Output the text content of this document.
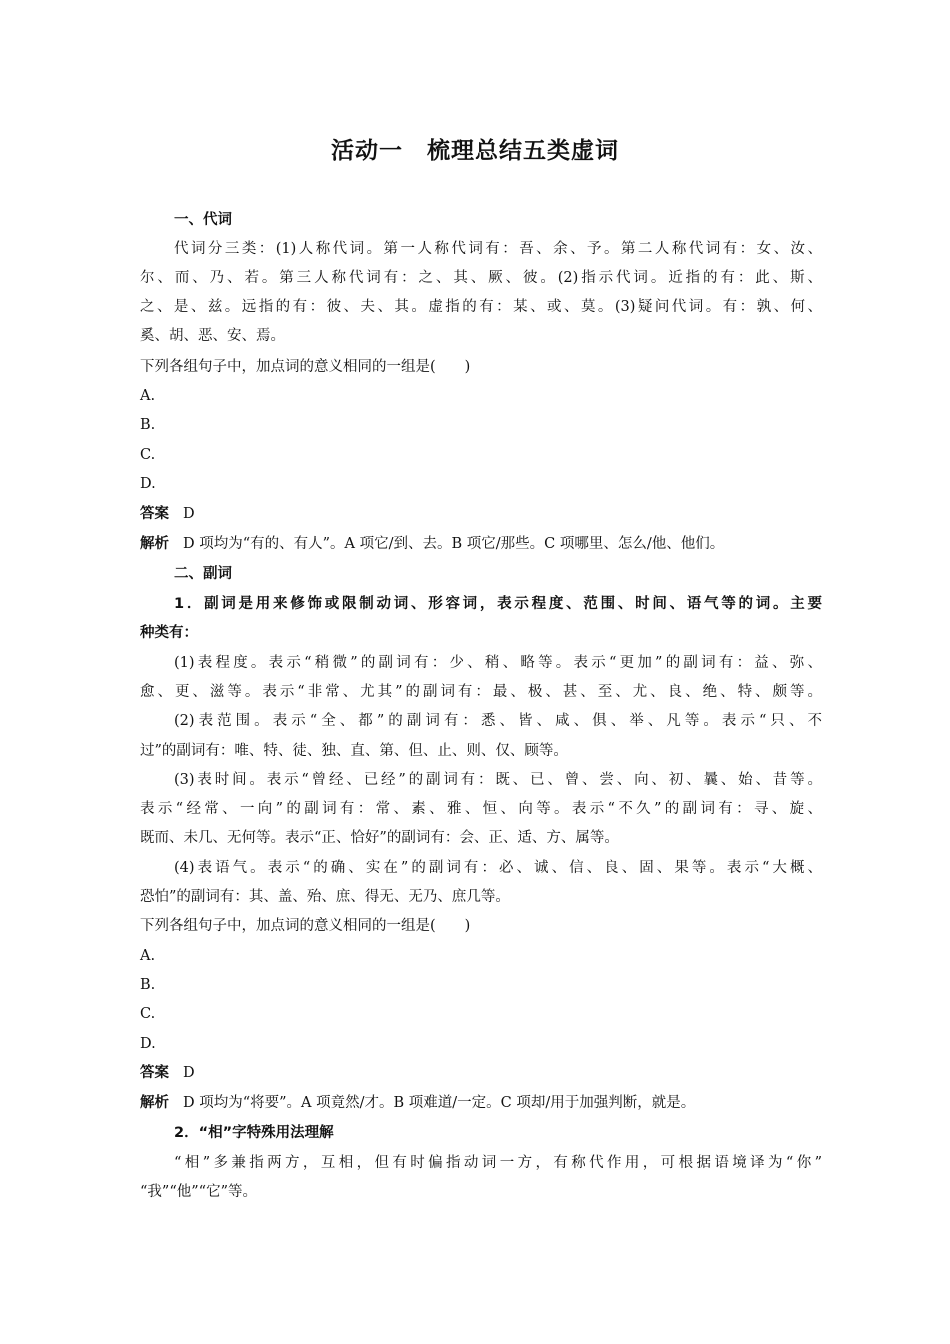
活动一　梳理总结五类虚词
一、代词
代词分三类：(1)人称代词。第一人称代词有：吾、余、予。第二人称代词有：女、汝、
尔、而、乃、若。第三人称代词有：之、其、厥、彼。(2)指示代词。近指的有：此、斯、
之、是、兹。远指的有：彼、夫、其。虚指的有：某、或、莫。(3)疑问代词。有：孰、何、
奚、胡、恶、安、焉。
下列各组句子中，加点词的意义相同的一组是(　　)
A.
B.
C.
D.
答案 D
解析 D 项均为“有的、有人”。A 项它/到、去。B 项它/那些。C 项哪里、怎么/他、他们。
二、副词
1．副词是用来修饰或限制动词、形容词，表示程度、范围、时间、语气等的词。主要
种类有：
(1)表程度。表示“稍微”的副词有：少、稍、略等。表示“更加”的副词有：益、弥、
愈、更、滋等。表示“非常、尤其”的副词有：最、极、甚、至、尤、良、绝、特、颇等。
(2)表范围。表示“全、都”的副词有：悉、皆、咸、俱、举、凡等。表示“只、不
过”的副词有：唯、特、徒、独、直、第、但、止、则、仅、顾等。
(3)表时间。表示“曾经、已经”的副词有：既、已、曾、尝、向、初、曩、始、昔等。
表示“经常、一向”的副词有：常、素、雅、恒、向等。表示“不久”的副词有：寻、旋、
既而、未几、无何等。表示“正、恰好”的副词有：会、正、适、方、属等。
(4)表语气。表示“的确、实在”的副词有：必、诚、信、良、固、果等。表示“大概、
恐怕”的副词有：其、盖、殆、庶、得无、无乃、庶几等。
下列各组句子中，加点词的意义相同的一组是(　　)
A.
B.
C.
D.
答案 D
解析 D 项均为“将要”。A 项竟然/才。B 项难道/一定。C 项却/用于加强判断，就是。
2．“相”字特殊用法理解
“相”多兼指两方，互相，但有时偏指动词一方，有称代作用，可根据语境译为“你”
“我”“他”“它”等。
